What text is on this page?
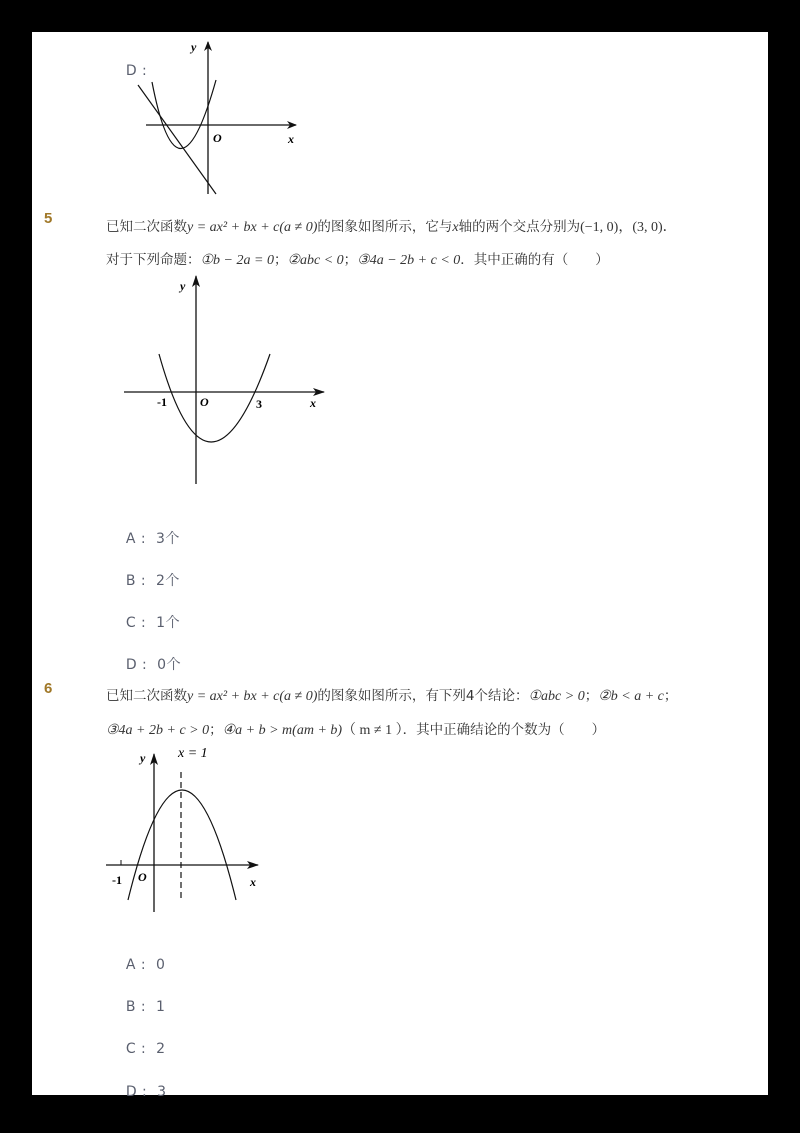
D :

y
x
O
5	已知二次函数y = ax² + bx + c(a ≠ 0)的图象如图所示，它与x轴的两个交点分别为(−1, 0)，(3, 0)．
对于下列命题：①b − 2a = 0；②abc < 0；③4a − 2b + c < 0．其中正确的有（　　）
y
x
O
-1	3

A : 3个

B : 2个

C : 1个

D : 0个

6	已知二次函数y = ax² + bx + c(a ≠ 0)的图象如图所示，有下列4个结论：①abc > 0；②b < a + c；
③4a + 2b + c > 0；④a + b > m(am + b)（ m ≠ 1 ）．其中正确结论的个数为（　　）
y x = 1
x
O
-1

A : 0

B : 1

C : 2

D : 3
